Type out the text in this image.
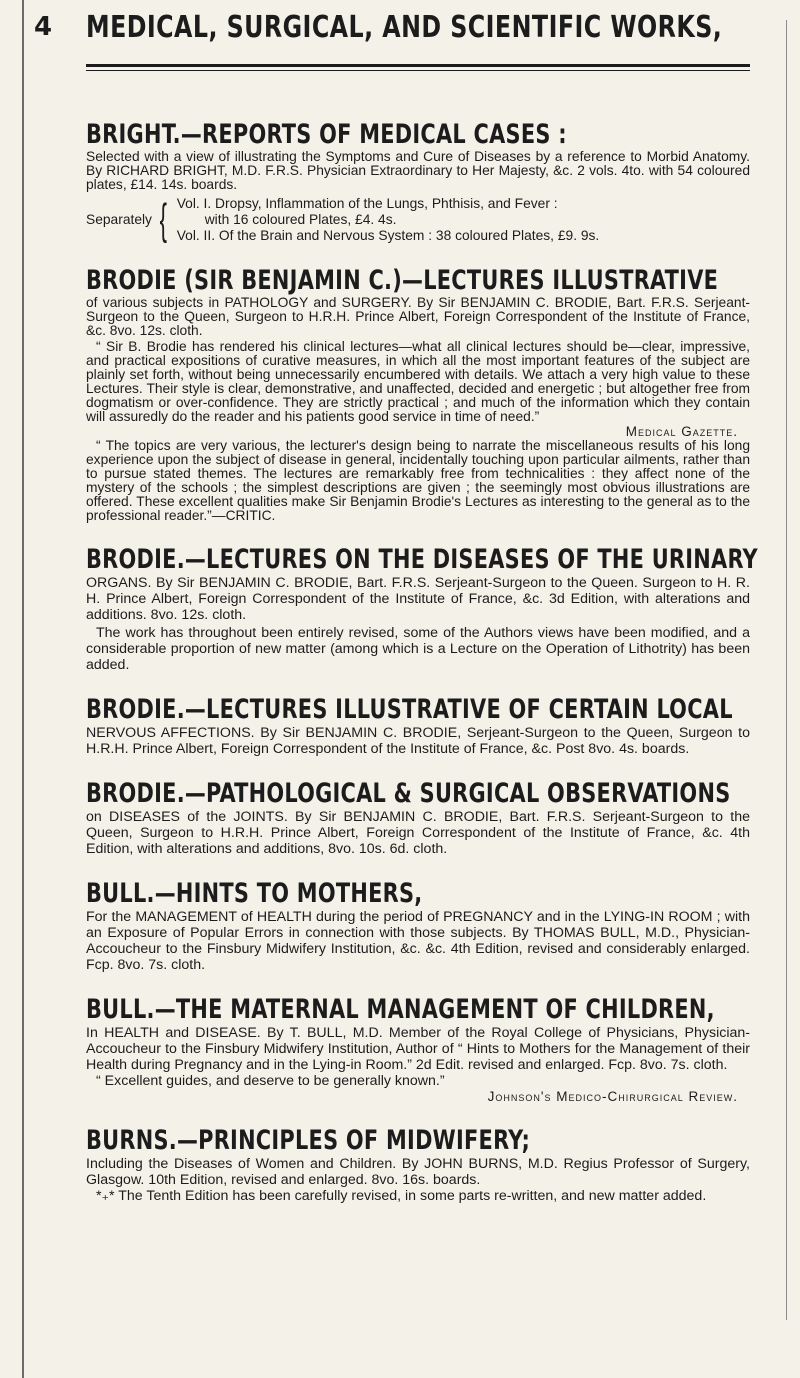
4 MEDICAL, SURGICAL, AND SCIENTIFIC WORKS,
BRIGHT.—REPORTS OF MEDICAL CASES :
Selected with a view of illustrating the Symptoms and Cure of Diseases by a reference to Morbid Anatomy. By RICHARD BRIGHT, M.D. F.R.S. Physician Extraordinary to Her Majesty, &c. 2 vols. 4to. with 54 coloured plates, £14. 14s. boards.
Separately { Vol. I. Dropsy, Inflammation of the Lungs, Phthisis, and Fever :
with 16 coloured Plates, £4. 4s.
Vol. II. Of the Brain and Nervous System : 38 coloured Plates, £9. 9s.
BRODIE (SIR BENJAMIN C.)—LECTURES ILLUSTRATIVE
of various subjects in PATHOLOGY and SURGERY. By Sir BENJAMIN C. BRODIE, Bart. F.R.S. Serjeant-Surgeon to the Queen, Surgeon to H.R.H. Prince Albert, Foreign Correspondent of the Institute of France, &c. 8vo. 12s. cloth.
“ Sir B. Brodie has rendered his clinical lectures—what all clinical lectures should be—clear, impressive, and practical expositions of curative measures, in which all the most important features of the subject are plainly set forth, without being unnecessarily encumbered with details. We attach a very high value to these Lectures. Their style is clear, demonstrative, and unaffected, decided and energetic ; but altogether free from dogmatism or over-confidence. They are strictly practical ; and much of the information which they contain will assuredly do the reader and his patients good service in time of need.”
Medical Gazette.
“ The topics are very various, the lecturer's design being to narrate the miscellaneous results of his long experience upon the subject of disease in general, incidentally touching upon particular ailments, rather than to pursue stated themes. The lectures are remarkably free from technicalities : they affect none of the mystery of the schools ; the simplest descriptions are given ; the seemingly most obvious illustrations are offered. These excellent qualities make Sir Benjamin Brodie's Lectures as interesting to the general as to the professional reader.”—CRITIC.
BRODIE.—LECTURES ON THE DISEASES OF THE URINARY
ORGANS. By Sir BENJAMIN C. BRODIE, Bart. F.R.S. Serjeant-Surgeon to the Queen. Surgeon to H. R. H. Prince Albert, Foreign Correspondent of the Institute of France, &c. 3d Edition, with alterations and additions. 8vo. 12s. cloth.
The work has throughout been entirely revised, some of the Authors views have been modified, and a considerable proportion of new matter (among which is a Lecture on the Operation of Lithotrity) has been added.
BRODIE.—LECTURES ILLUSTRATIVE OF CERTAIN LOCAL
NERVOUS AFFECTIONS. By Sir BENJAMIN C. BRODIE, Serjeant-Surgeon to the Queen, Surgeon to H.R.H. Prince Albert, Foreign Correspondent of the Institute of France, &c. Post 8vo. 4s. boards.
BRODIE.—PATHOLOGICAL & SURGICAL OBSERVATIONS
on DISEASES of the JOINTS. By Sir BENJAMIN C. BRODIE, Bart. F.R.S. Serjeant-Surgeon to the Queen, Surgeon to H.R.H. Prince Albert, Foreign Correspondent of the Institute of France, &c. 4th Edition, with alterations and additions, 8vo. 10s. 6d. cloth.
BULL.—HINTS TO MOTHERS,
For the MANAGEMENT of HEALTH during the period of PREGNANCY and in the LYING-IN ROOM ; with an Exposure of Popular Errors in connection with those subjects. By THOMAS BULL, M.D., Physician-Accoucheur to the Finsbury Midwifery Institution, &c. &c. 4th Edition, revised and considerably enlarged. Fcp. 8vo. 7s. cloth.
BULL.—THE MATERNAL MANAGEMENT OF CHILDREN,
In HEALTH and DISEASE. By T. BULL, M.D. Member of the Royal College of Physicians, Physician-Accoucheur to the Finsbury Midwifery Institution, Author of “ Hints to Mothers for the Management of their Health during Pregnancy and in the Lying-in Room.” 2d Edit. revised and enlarged. Fcp. 8vo. 7s. cloth.
“ Excellent guides, and deserve to be generally known.”
Johnson's Medico-Chirurgical Review.
BURNS.—PRINCIPLES OF MIDWIFERY;
Including the Diseases of Women and Children. By JOHN BURNS, M.D. Regius Professor of Surgery, Glasgow. 10th Edition, revised and enlarged. 8vo. 16s. boards.
*₊* The Tenth Edition has been carefully revised, in some parts re-written, and new matter added.
